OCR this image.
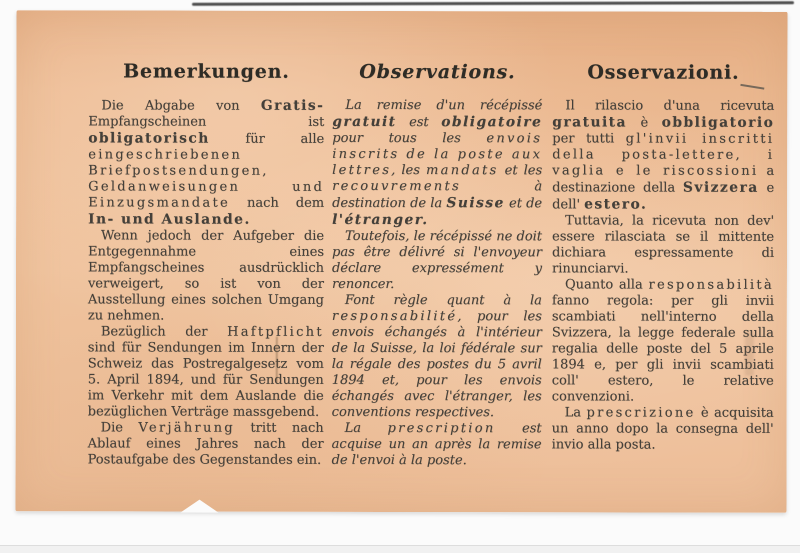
Bemerkungen.

Die Abgabe von Gratis-Empfangscheinen ist obligatorisch für alle eingeschriebenen Briefpostsendungen, Geldanweisungen und Einzugsmandate nach dem In- und Auslande.

Wenn jedoch der Aufgeber die Entgegennahme eines Empfangscheines ausdrücklich verweigert, so ist von der Ausstellung eines solchen Umgang zu nehmen.

Bezüglich der Haftpflicht sind für Sendungen im Innern der Schweiz das Postregalgesetz vom 5. April 1894, und für Sendungen im Verkehr mit dem Auslande die bezüglichen Verträge massgebend.

Die Verjährung tritt nach Ablauf eines Jahres nach der Postaufgabe des Gegenstandes ein.

Observations.

La remise d'un récépissé gratuit est obligatoire pour tous les envois inscrits de la poste aux lettres, les mandats et les recouvrements à destination de la Suisse et de l'étranger.

Toutefois, le récépissé ne doit pas être délivré si l'envoyeur déclare expressément y renoncer.

Font règle quant à la responsabilité, pour les envois échangés à l'intérieur de la Suisse, la loi fédérale sur la régale des postes du 5 avril 1894 et, pour les envois échangés avec l'étranger, les conventions respectives.

La prescription est acquise un an après la remise de l'envoi à la poste.

Osservazioni.

Il rilascio d'una ricevuta gratuita è obbligatorio per tutti gl'invii inscritti della posta-lettere, i vaglia e le riscossioni a destinazione della Svizzera e dell' estero.

Tuttavia, la ricevuta non dev' essere rilasciata se il mittente dichiara espressamente di rinunciarvi.

Quanto alla responsabilità fanno regola: per gli invii scambiati nell'interno della Svizzera, la legge federale sulla regalia delle poste del 5 aprile 1894 e, per gli invii scambiati coll' estero, le relative convenzioni.

La prescrizione è acquisita un anno dopo la consegna dell' invio alla posta.
